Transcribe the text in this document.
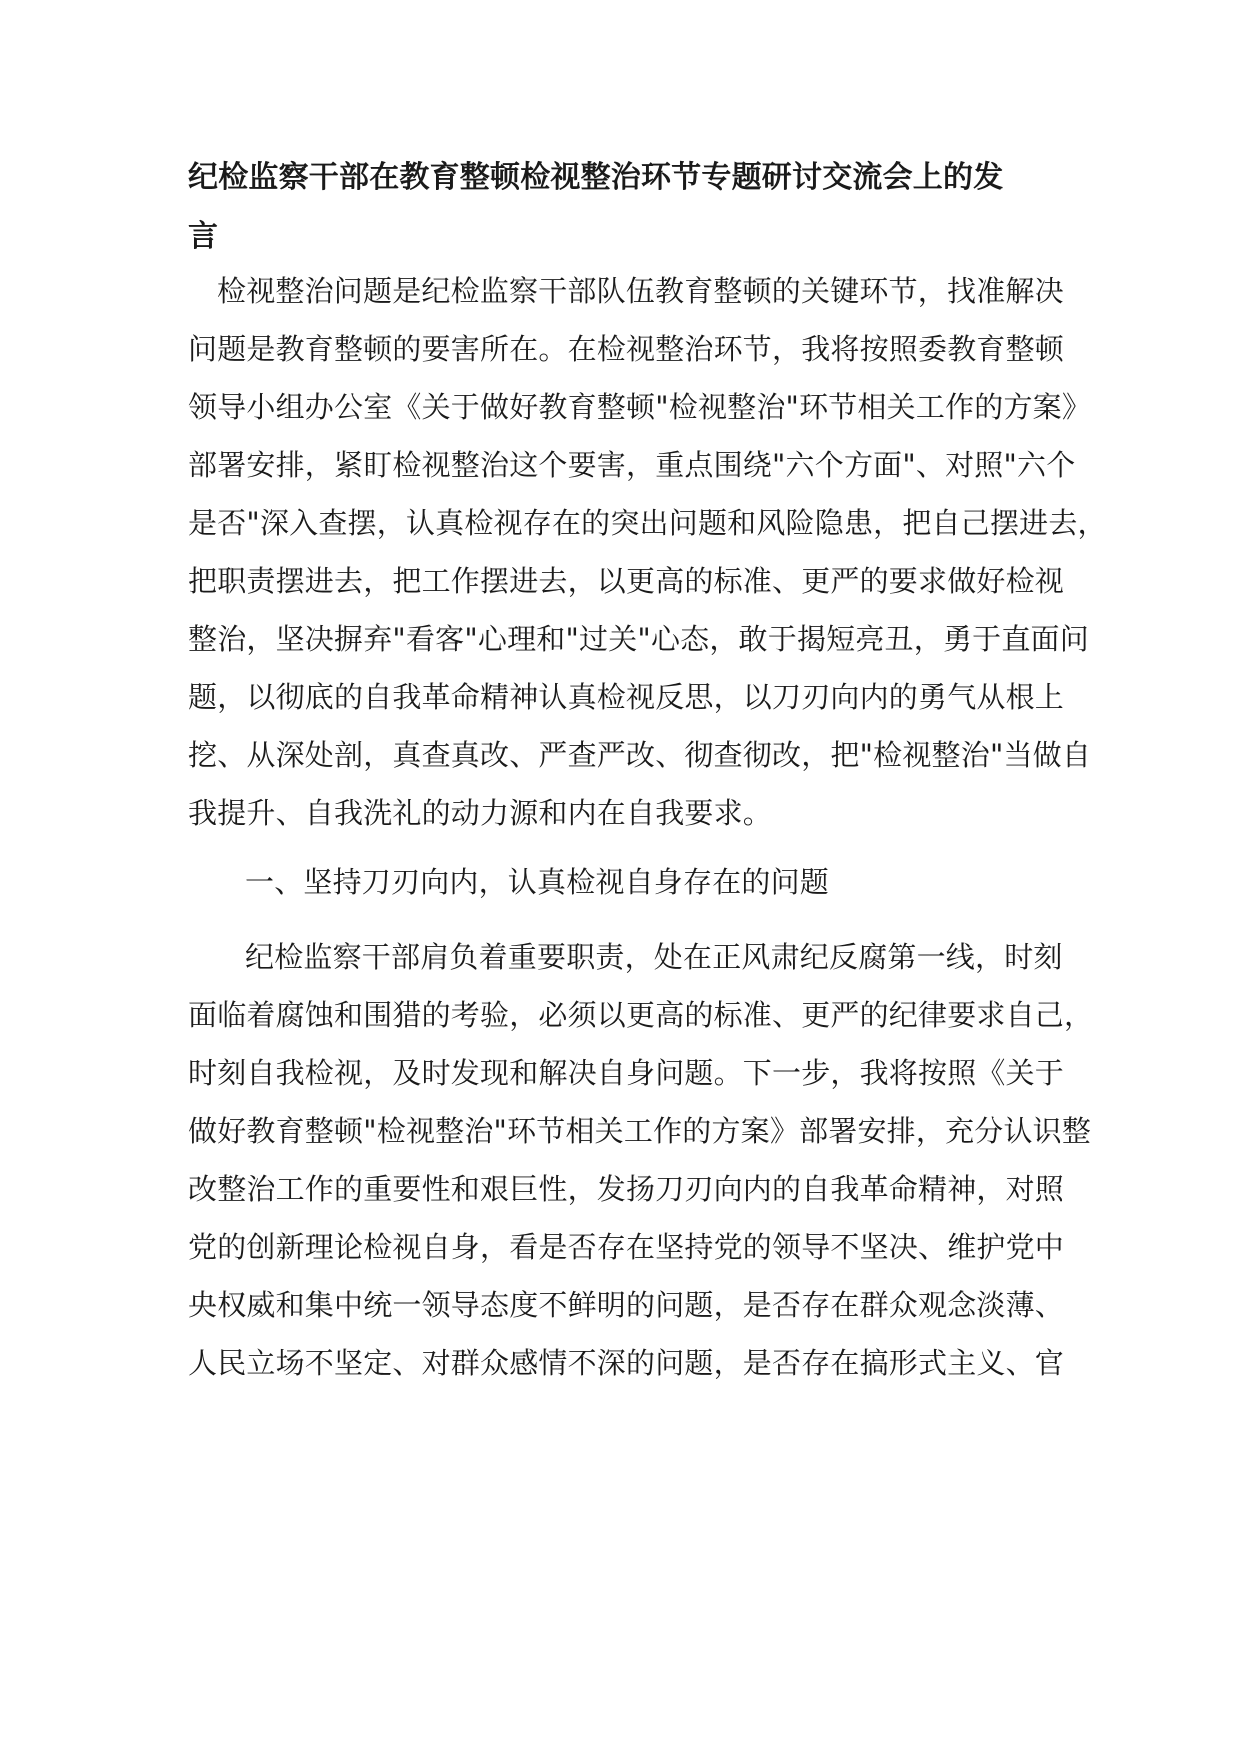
纪检监察干部在教育整顿检视整治环节专题研讨交流会上的发

言

检视整治问题是纪检监察干部队伍教育整顿的关键环节，找准解决

问题是教育整顿的要害所在。在检视整治环节，我将按照委教育整顿

领导小组办公室《关于做好教育整顿"检视整治"环节相关工作的方案》

部署安排，紧盯检视整治这个要害，重点围绕"六个方面"、对照"六个

是否"深入查摆，认真检视存在的突出问题和风险隐患，把自己摆进去，

把职责摆进去，把工作摆进去，以更高的标准、更严的要求做好检视

整治，坚决摒弃"看客"心理和"过关"心态，敢于揭短亮丑，勇于直面问

题，以彻底的自我革命精神认真检视反思，以刀刃向内的勇气从根上

挖、从深处剖，真查真改、严查严改、彻查彻改，把"检视整治"当做自

我提升、自我洗礼的动力源和内在自我要求。

一、坚持刀刃向内，认真检视自身存在的问题

纪检监察干部肩负着重要职责，处在正风肃纪反腐第一线，时刻

面临着腐蚀和围猎的考验，必须以更高的标准、更严的纪律要求自己，

时刻自我检视，及时发现和解决自身问题。下一步，我将按照《关于

做好教育整顿"检视整治"环节相关工作的方案》部署安排，充分认识整

改整治工作的重要性和艰巨性，发扬刀刃向内的自我革命精神，对照

党的创新理论检视自身，看是否存在坚持党的领导不坚决、维护党中

央权威和集中统一领导态度不鲜明的问题，是否存在群众观念淡薄、

人民立场不坚定、对群众感情不深的问题，是否存在搞形式主义、官
